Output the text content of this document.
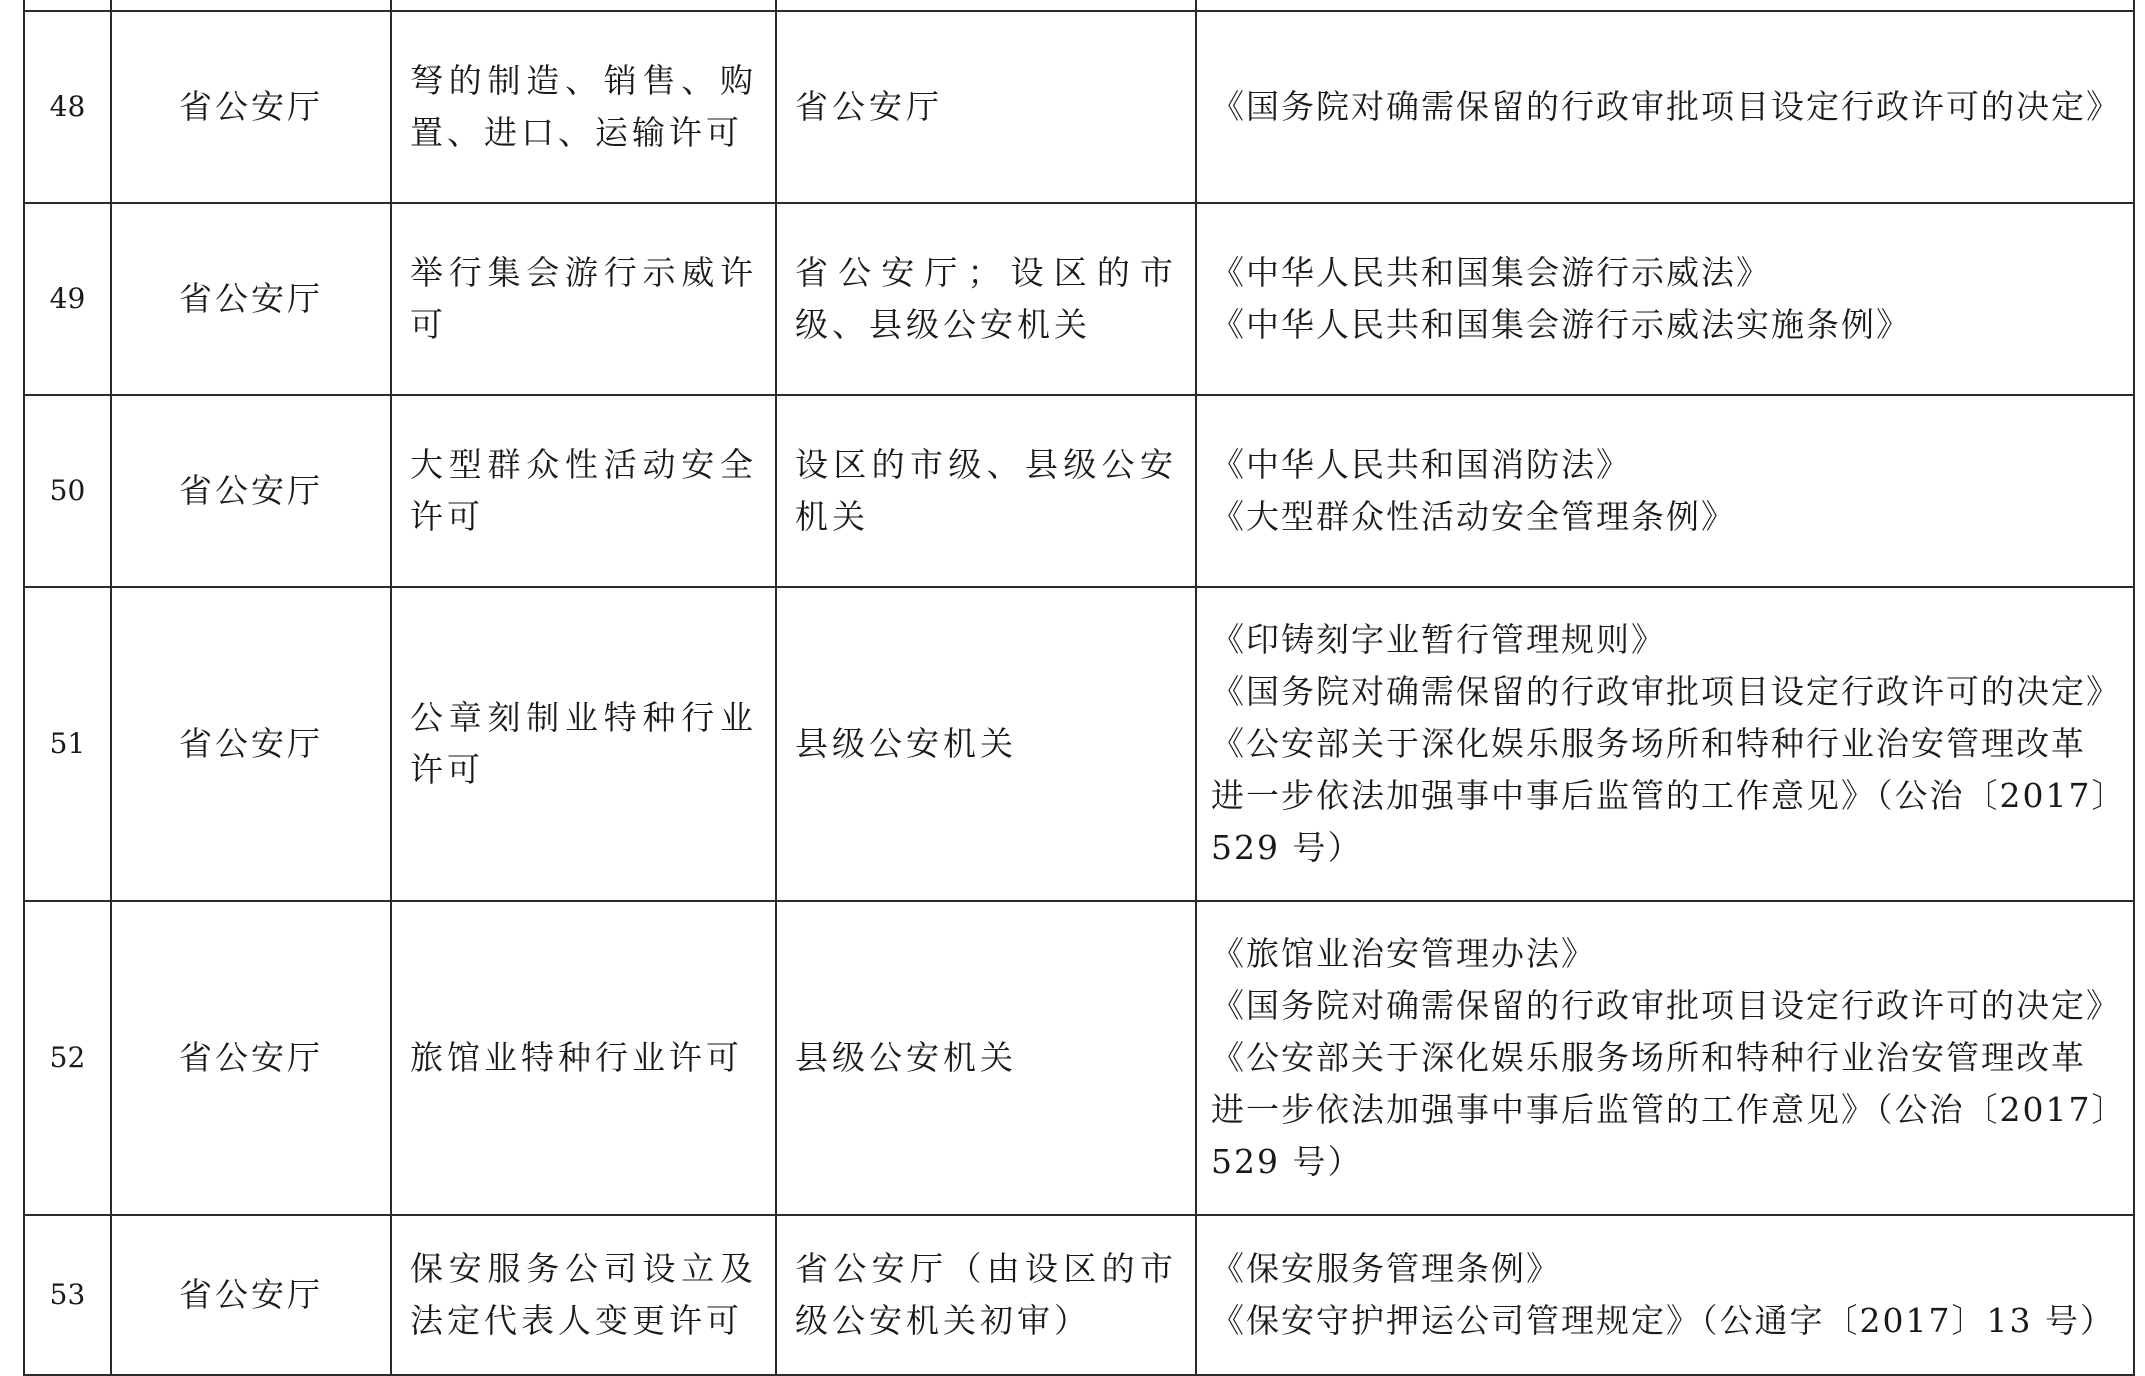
48	省公安厅	弩的制造、销售、购置、进口、运输许可	省公安厅	《国务院对确需保留的行政审批项目设定行政许可的决定》

49	省公安厅	举行集会游行示威许可	省公安厅；设区的市级、县级公安机关	《中华人民共和国集会游行示威法》
《中华人民共和国集会游行示威法实施条例》

50	省公安厅	大型群众性活动安全许可	设区的市级、县级公安机关	《中华人民共和国消防法》
《大型群众性活动安全管理条例》

51	省公安厅	公章刻制业特种行业许可	县级公安机关	《印铸刻字业暂行管理规则》
《国务院对确需保留的行政审批项目设定行政许可的决定》
《公安部关于深化娱乐服务场所和特种行业治安管理改革进一步依法加强事中事后监管的工作意见》（公治〔2017〕529 号）

52	省公安厅	旅馆业特种行业许可	县级公安机关	《旅馆业治安管理办法》
《国务院对确需保留的行政审批项目设定行政许可的决定》
《公安部关于深化娱乐服务场所和特种行业治安管理改革进一步依法加强事中事后监管的工作意见》（公治〔2017〕529 号）

53	省公安厅	保安服务公司设立及法定代表人变更许可	省公安厅（由设区的市级公安机关初审）	《保安服务管理条例》
《保安守护押运公司管理规定》（公通字〔2017〕13 号）
